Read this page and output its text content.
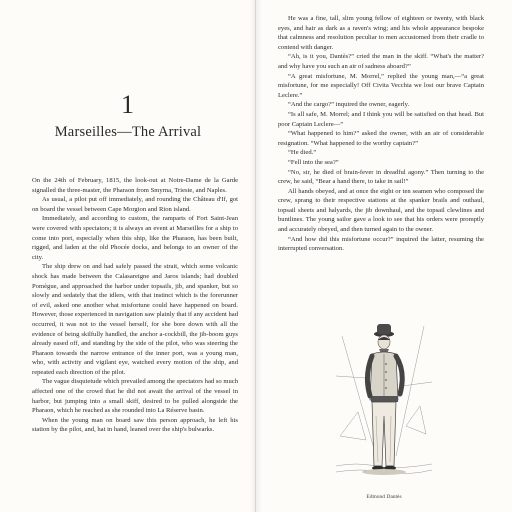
1
Marseilles—The Arrival

On the 24th of February, 1815, the look-out at Notre-Dame de la Garde signalled the three-master, the Pharaon from Smyrna, Trieste, and Naples.

As usual, a pilot put off immediately, and rounding the Château d'If, got on board the vessel between Cape Morgion and Rion island.

Immediately, and according to custom, the ramparts of Fort Saint-Jean were covered with spectators; it is always an event at Marseilles for a ship to come into port, especially when this ship, like the Pharaon, has been built, rigged, and laden at the old Phocée docks, and belongs to an owner of the city.

The ship drew on and had safely passed the strait, which some volcanic shock has made between the Calasareigne and Jaros islands; had doubled Pomègue, and approached the harbor under topsails, jib, and spanker, but so slowly and sedately that the idlers, with that instinct which is the forerunner of evil, asked one another what misfortune could have happened on board. However, those experienced in navigation saw plainly that if any accident had occurred, it was not to the vessel herself, for she bore down with all the evidence of being skilfully handled, the anchor a-cockbill, the jib-boom guys already eased off, and standing by the side of the pilot, who was steering the Pharaon towards the narrow entrance of the inner port, was a young man, who, with activity and vigilant eye, watched every motion of the ship, and repeated each direction of the pilot.

The vague disquietude which prevailed among the spectators had so much affected one of the crowd that he did not await the arrival of the vessel in harbor, but jumping into a small skiff, desired to be pulled alongside the Pharaon, which he reached as she rounded into La Réserve basin.

When the young man on board saw this person approach, he left his station by the pilot, and, hat in hand, leaned over the ship's bulwarks.

He was a fine, tall, slim young fellow of eighteen or twenty, with black eyes, and hair as dark as a raven's wing; and his whole appearance bespoke that calmness and resolution peculiar to men accustomed from their cradle to contend with danger.

“Ah, is it you, Dantès?” cried the man in the skiff. “What's the matter? and why have you such an air of sadness aboard?”

“A great misfortune, M. Morrel,” replied the young man,—“a great misfortune, for me especially! Off Civita Vecchia we lost our brave Captain Leclere.”

“And the cargo?” inquired the owner, eagerly.

“Is all safe, M. Morrel; and I think you will be satisfied on that head. But poor Captain Leclere—”

“What happened to him?” asked the owner, with an air of considerable resignation. “What happened to the worthy captain?”

“He died.”

“Fell into the sea?”

“No, sir, he died of brain-fever in dreadful agony.” Then turning to the crew, he said, “Bear a hand there, to take in sail!”

All hands obeyed, and at once the eight or ten seamen who composed the crew, sprang to their respective stations at the spanker brails and outhaul, topsail sheets and halyards, the jib downhaul, and the topsail clewlines and buntlines. The young sailor gave a look to see that his orders were promptly and accurately obeyed, and then turned again to the owner.

“And how did this misfortune occur?” inquired the latter, resuming the interrupted conversation.

Edmond Dantès
